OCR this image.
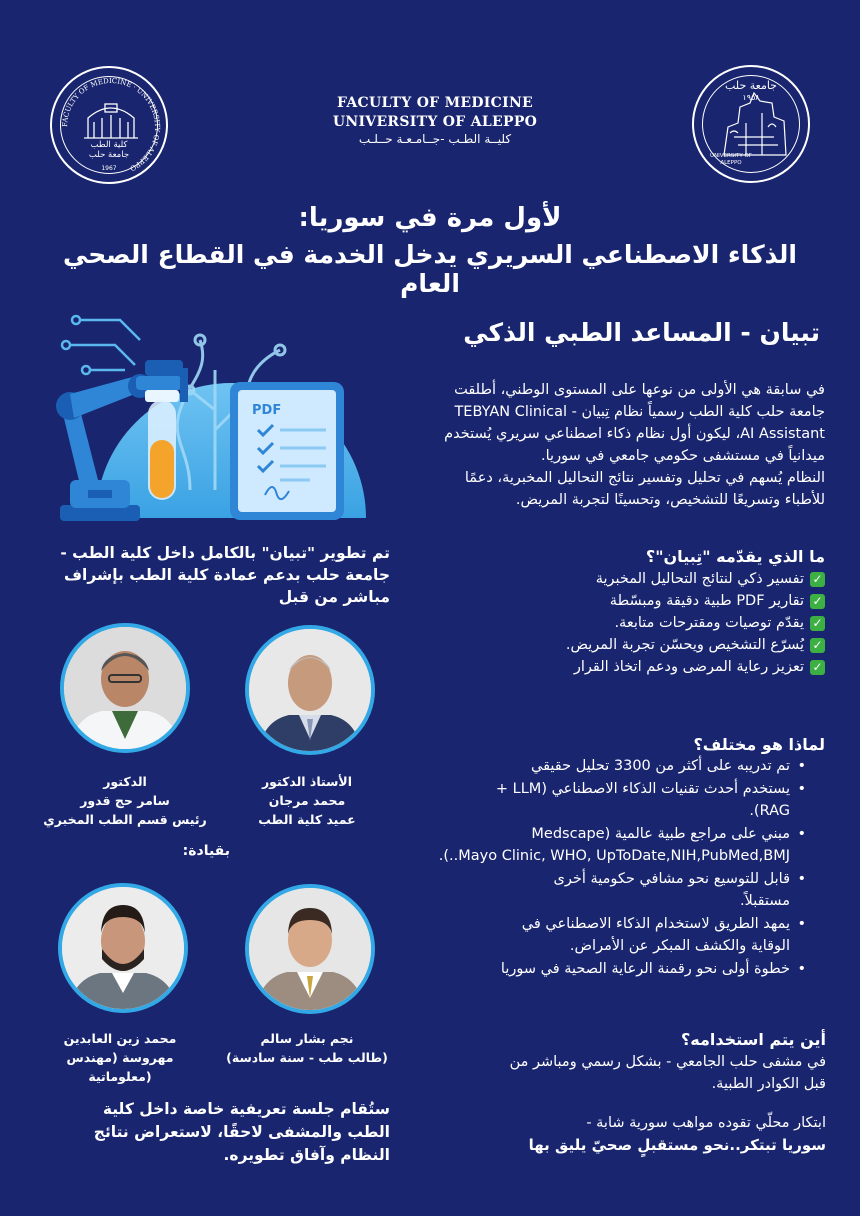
FACULTY OF MEDICINE · UNIVERSITY OF ALEPPO
كلية الطب
جامعة حلب
1967
FACULTY OF MEDICINE
UNIVERSITY OF ALEPPO
كليــة الطـب -جــامـعـة حــلـب
جامعة حلب
١٩٥٨
UNIVERSITY OF
ALEPPO
لأول مرة في سوريا:
الذكاء الاصطناعي السريري يدخل الخدمة في القطاع الصحي العام
PDF
تبيان - المساعد الطبي الذكي
في سابقة هي الأولى من نوعها على المستوى الوطني، أطلقت
جامعة حلب كلية الطب رسمياً نظام تِبيان - TEBYAN Clinical
AI Assistant، ليكون أول نظام ذكاء اصطناعي سريري يُستخدم
ميدانياً في مستشفى حكومي جامعي في سوريا.
النظام يُسهم في تحليل وتفسير نتائج التحاليل المخبرية، دعمًا
للأطباء وتسريعًا للتشخيص، وتحسينًا لتجربة المريض.
تم تطوير "تبيان" بالكامل داخل كلية الطب -
جامعة حلب بدعم عمادة كلية الطب بإشراف
مباشر من قبل
ما الذي يقدّمه "تِبيان"؟
✓
تفسير ذكي لنتائج التحاليل المخبرية
✓
تقارير PDF طبية دقيقة ومبسّطة
✓
يقدّم توصيات ومقترحات متابعة.
✓
يُسرّع التشخيص ويحسّن تجربة المريض.
✓
تعزيز رعاية المرضى ودعم اتخاذ القرار
الأستاذ الدكتور
محمد مرجان
عميد كلية الطب
الدكتور
سامر حج قدور
رئيس قسم الطب المخبري
بقيادة:
نجم بشار سالم
(طالب طب - سنة سادسة)
محمد زين العابدين
مهروسة (مهندس
معلوماتية)
لماذا هو مختلف؟
• تم تدريبه على أكثر من 3300 تحليل حقيقي
• يستخدم أحدث تقنيات الذكاء الاصطناعي (LLM +
RAG).
• مبني على مراجع طبية عالمية (Medscape
Mayo Clinic, WHO, UpToDate,NIH,PubMed,BMJ..).
• قابل للتوسيع نحو مشافي حكومية أخرى
مستقبلاً.
• يمهد الطريق لاستخدام الذكاء الاصطناعي في
الوقاية والكشف المبكر عن الأمراض.
• خطوة أولى نحو رقمنة الرعاية الصحية في سوريا
أين يتم استخدامه؟
في مشفى حلب الجامعي - بشكل رسمي ومباشر من
قبل الكوادر الطبية.
ستُقام جلسة تعريفية خاصة داخل كلية
الطب والمشفى لاحقًا، لاستعراض نتائج
النظام وآفاق تطويره.
ابتكار محلّي تقوده مواهب سورية شابة -
سوريا تبتكر..نحو مستقبلٍ صحيّ يليق بها
